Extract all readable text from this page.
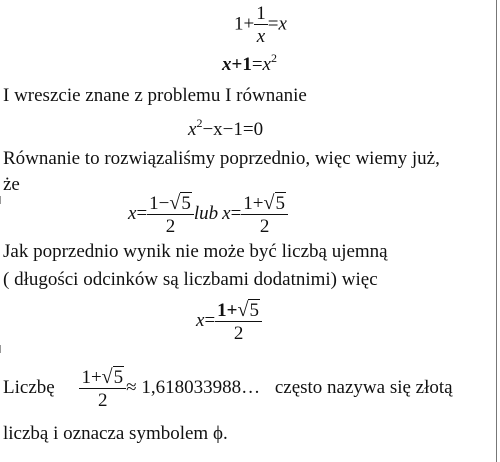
$1+ \frac{1}{x} =x$
$x+1=x^2$
I wreszcie znane z problemu I równanie
$x^2-x-1=0$
Równanie to rozwiązaliśmy poprzednio, więc wiemy już,
że
$x= \frac{1-√5}{2}$ lub $x= \frac{1+√5}{2}$
Jak poprzednio wynik nie może być liczbą ujemną
( długości odcinków są liczbami dodatnimi) więc
$x= \frac{1+√5}{2}$
Liczbę $\frac{1+√5}{2}$ ≈ 1,618033988… często nazywa się złotą
liczbą i oznacza symbolem ϕ.
